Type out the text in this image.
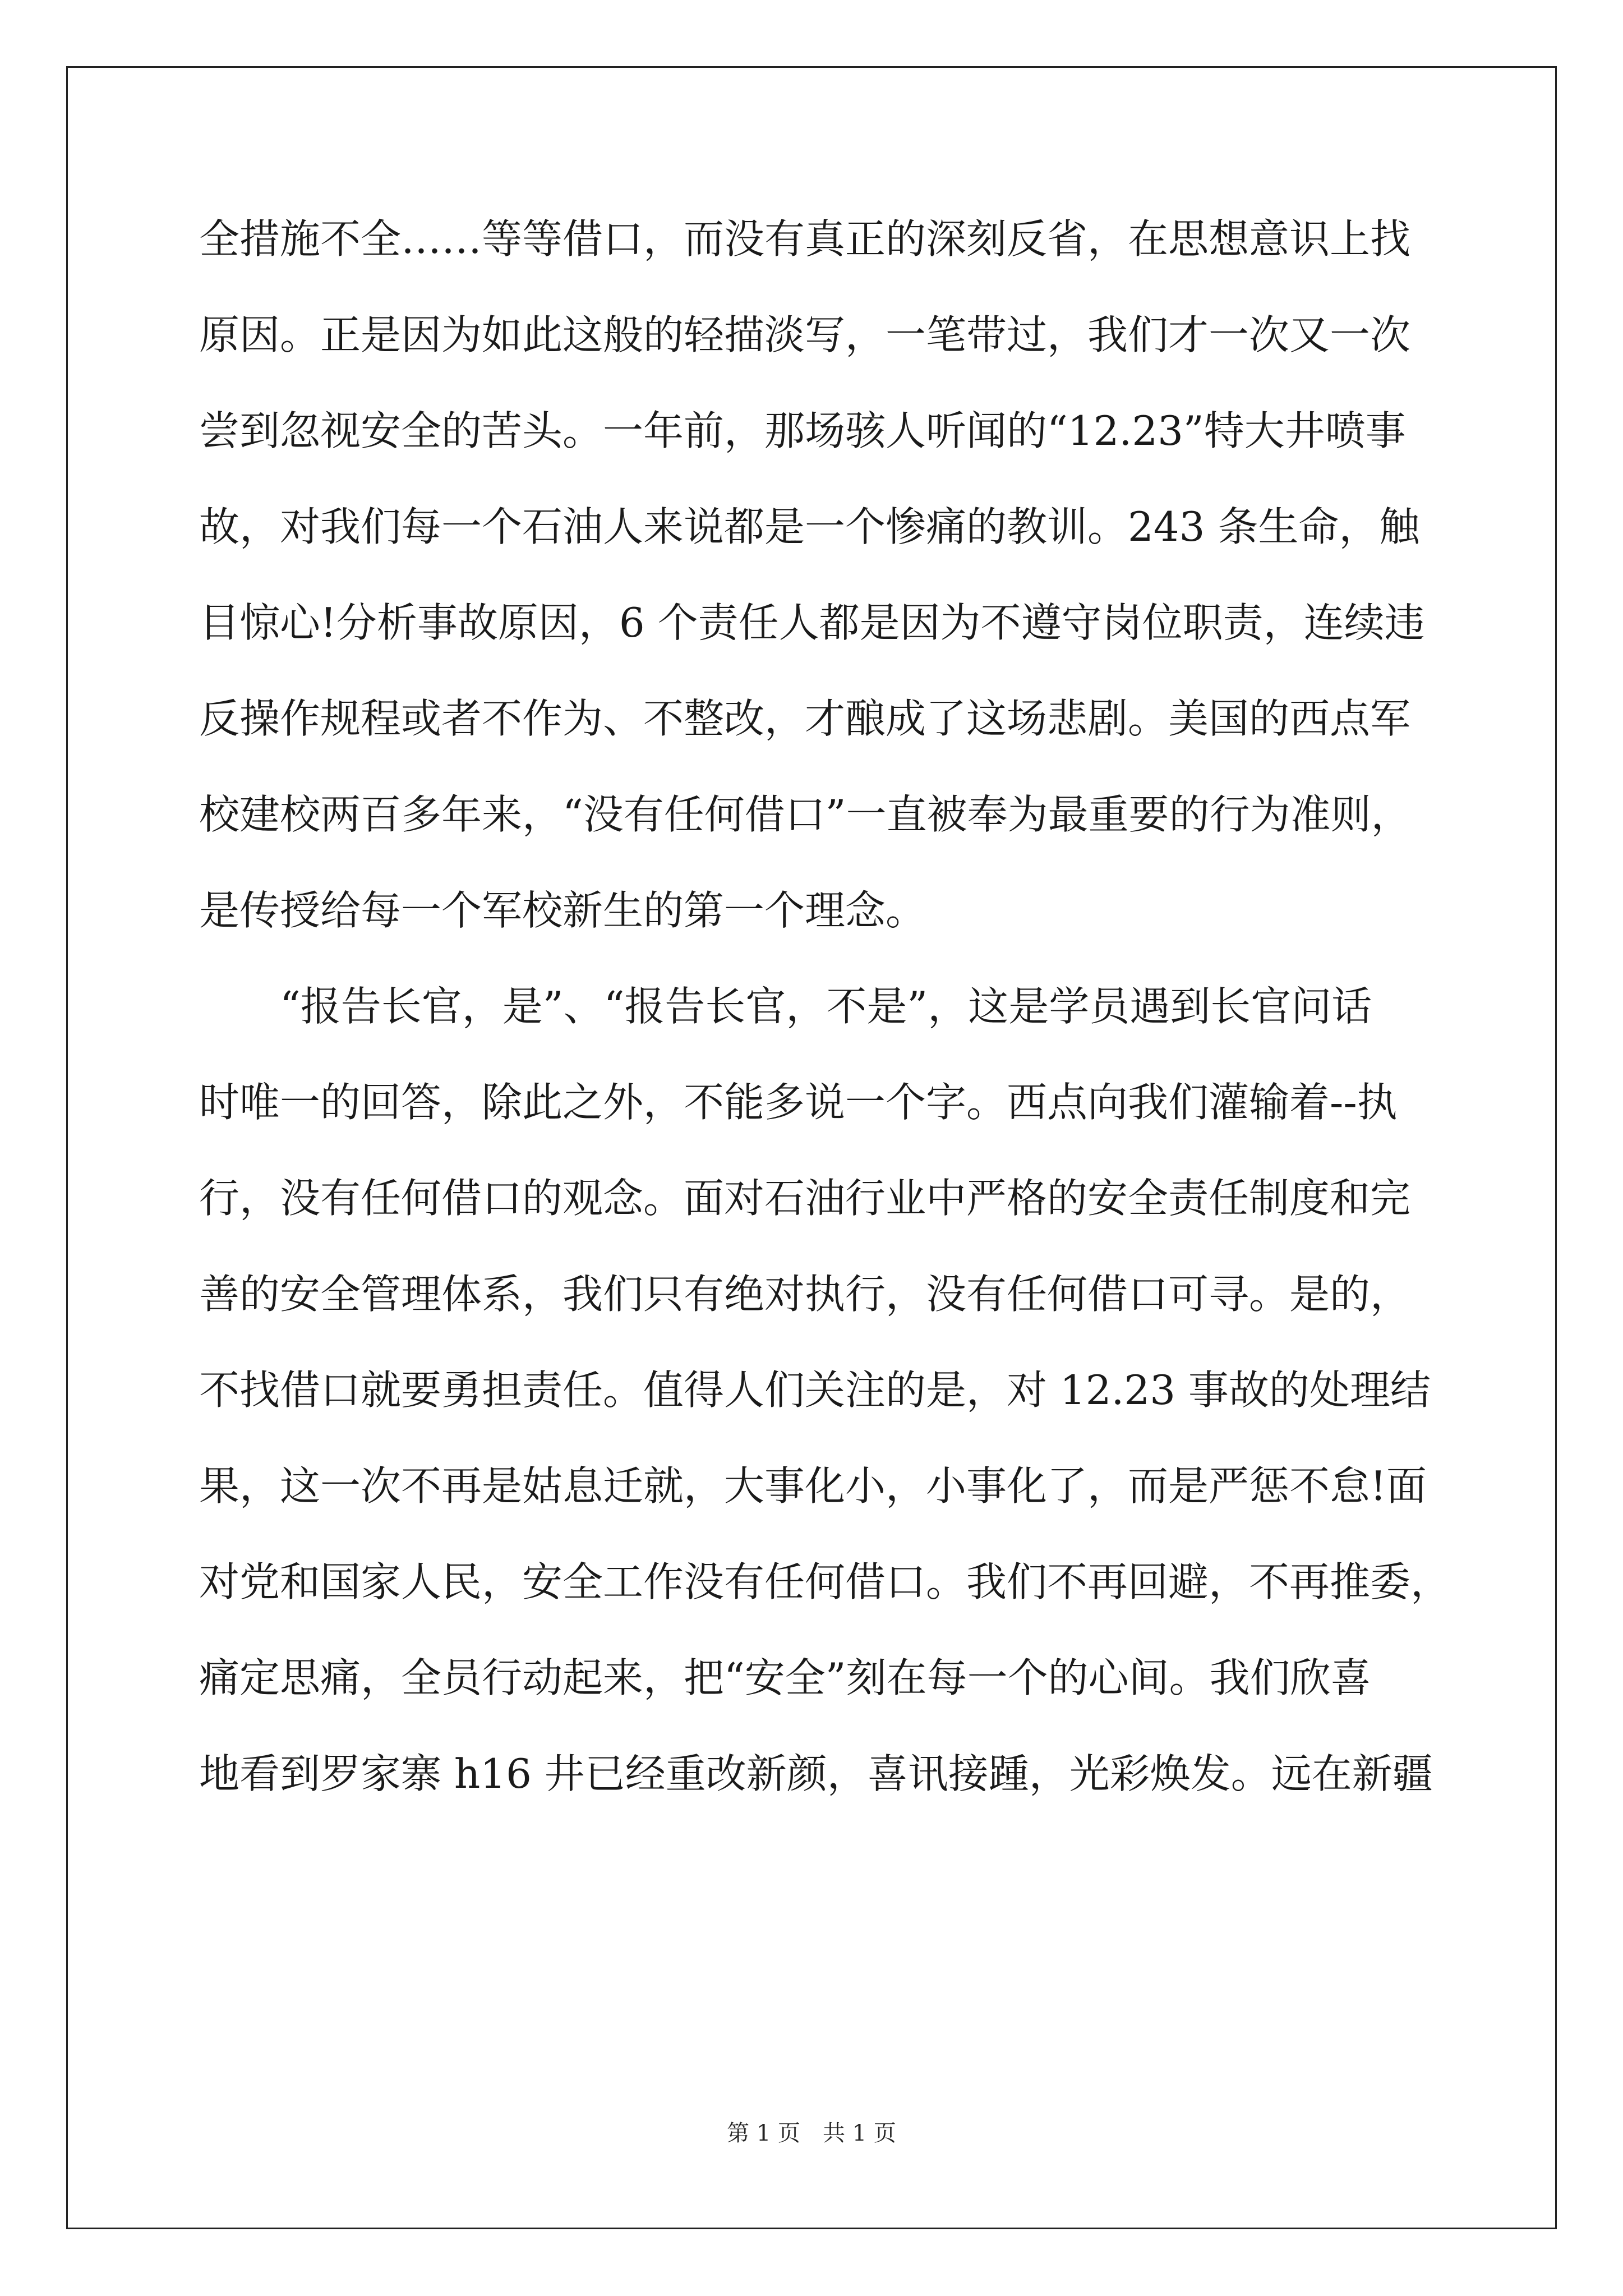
全措施不全……等等借口，而没有真正的深刻反省，在思想意识上找
原因。正是因为如此这般的轻描淡写，一笔带过，我们才一次又一次
尝到忽视安全的苦头。一年前，那场骇人听闻的“12.23”特大井喷事
故，对我们每一个石油人来说都是一个惨痛的教训。243 条生命，触
目惊心!分析事故原因，6 个责任人都是因为不遵守岗位职责，连续违
反操作规程或者不作为、不整改，才酿成了这场悲剧。美国的西点军
校建校两百多年来，“没有任何借口”一直被奉为最重要的行为准则，
是传授给每一个军校新生的第一个理念。
“报告长官，是”、“报告长官，不是”，这是学员遇到长官问话
时唯一的回答，除此之外，不能多说一个字。西点向我们灌输着--执
行，没有任何借口的观念。面对石油行业中严格的安全责任制度和完
善的安全管理体系，我们只有绝对执行，没有任何借口可寻。是的，
不找借口就要勇担责任。值得人们关注的是，对 12.23 事故的处理结
果，这一次不再是姑息迁就，大事化小，小事化了，而是严惩不怠!面
对党和国家人民，安全工作没有任何借口。我们不再回避，不再推委，
痛定思痛，全员行动起来，把“安全”刻在每一个的心间。我们欣喜
地看到罗家寨 h16 井已经重改新颜，喜讯接踵，光彩焕发。远在新疆
第 1 页　共 1 页
